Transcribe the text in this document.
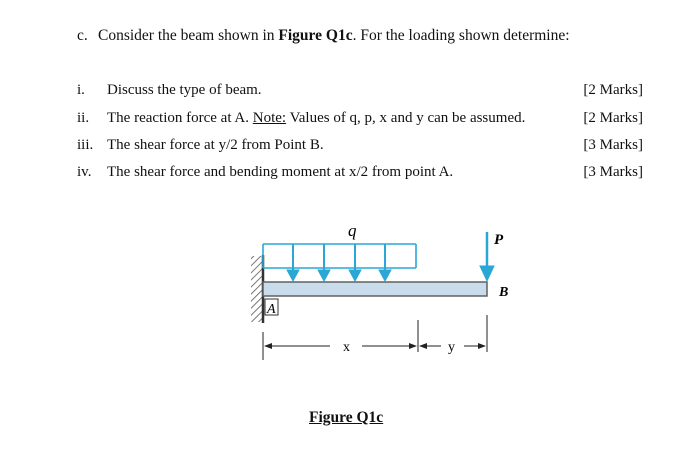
c. Consider the beam shown in Figure Q1c. For the loading shown determine:
i. Discuss the type of beam.	[2 Marks]
ii. The reaction force at A. Note: Values of q, p, x and y can be assumed.	[2 Marks]
iii. The shear force at y/2 from Point B.	[3 Marks]
iv. The shear force and bending moment at x/2 from point A.	[3 Marks]
q	P
A
B
x	y
Figure Q1c
